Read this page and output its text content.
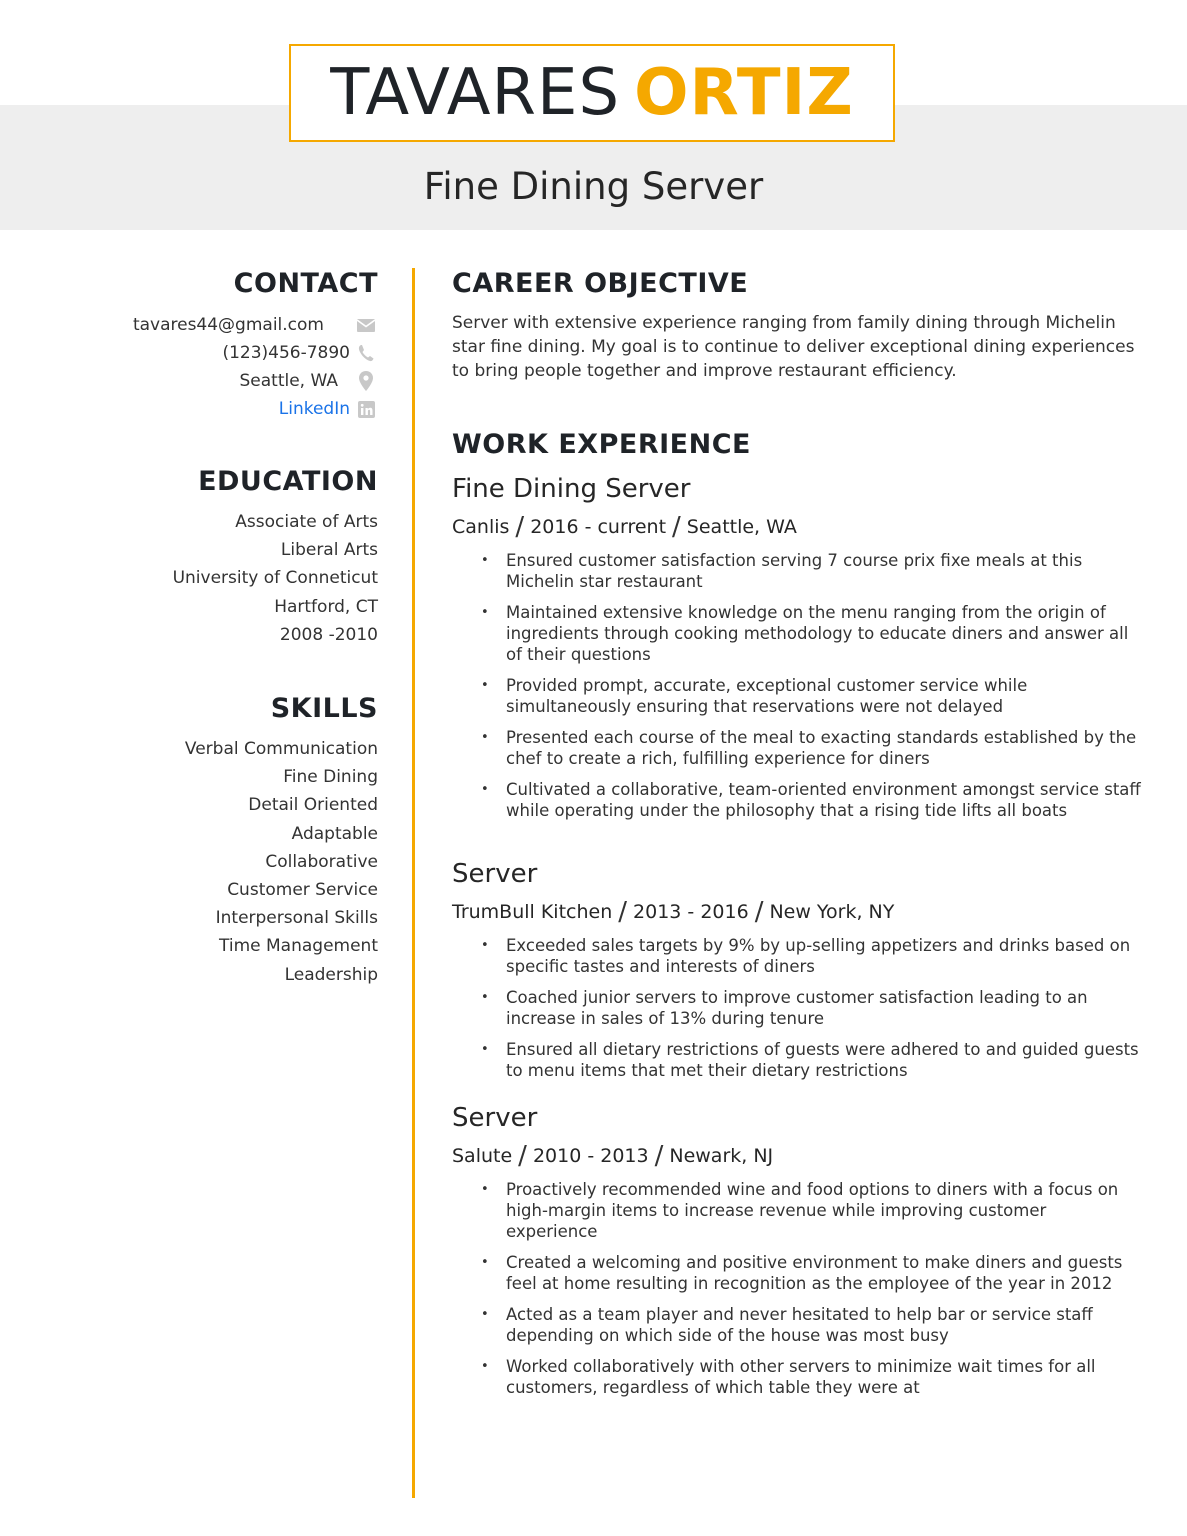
TAVARES ORTIZ
Fine Dining Server
CONTACT
tavares44@gmail.com
(123)456-7890
Seattle, WA
LinkedIn
EDUCATION
Associate of Arts
Liberal Arts
University of Conneticut
Hartford, CT
2008 -2010
SKILLS
Verbal Communication
Fine Dining
Detail Oriented
Adaptable
Collaborative
Customer Service
Interpersonal Skills
Time Management
Leadership
CAREER OBJECTIVE
Server with extensive experience ranging from family dining through Michelin star fine dining. My goal is to continue to deliver exceptional dining experiences to bring people together and improve restaurant efficiency.
WORK EXPERIENCE
Fine Dining Server
Canlis / 2016 - current / Seattle, WA
• Ensured customer satisfaction serving 7 course prix fixe meals at this Michelin star restaurant
• Maintained extensive knowledge on the menu ranging from the origin of ingredients through cooking methodology to educate diners and answer all of their questions
• Provided prompt, accurate, exceptional customer service while simultaneously ensuring that reservations were not delayed
• Presented each course of the meal to exacting standards established by the chef to create a rich, fulfilling experience for diners
• Cultivated a collaborative, team-oriented environment amongst service staff while operating under the philosophy that a rising tide lifts all boats
Server
TrumBull Kitchen / 2013 - 2016 / New York, NY
• Exceeded sales targets by 9% by up-selling appetizers and drinks based on specific tastes and interests of diners
• Coached junior servers to improve customer satisfaction leading to an increase in sales of 13% during tenure
• Ensured all dietary restrictions of guests were adhered to and guided guests to menu items that met their dietary restrictions
Server
Salute / 2010 - 2013 / Newark, NJ
• Proactively recommended wine and food options to diners with a focus on high-margin items to increase revenue while improving customer experience
• Created a welcoming and positive environment to make diners and guests feel at home resulting in recognition as the employee of the year in 2012
• Acted as a team player and never hesitated to help bar or service staff depending on which side of the house was most busy
• Worked collaboratively with other servers to minimize wait times for all customers, regardless of which table they were at
